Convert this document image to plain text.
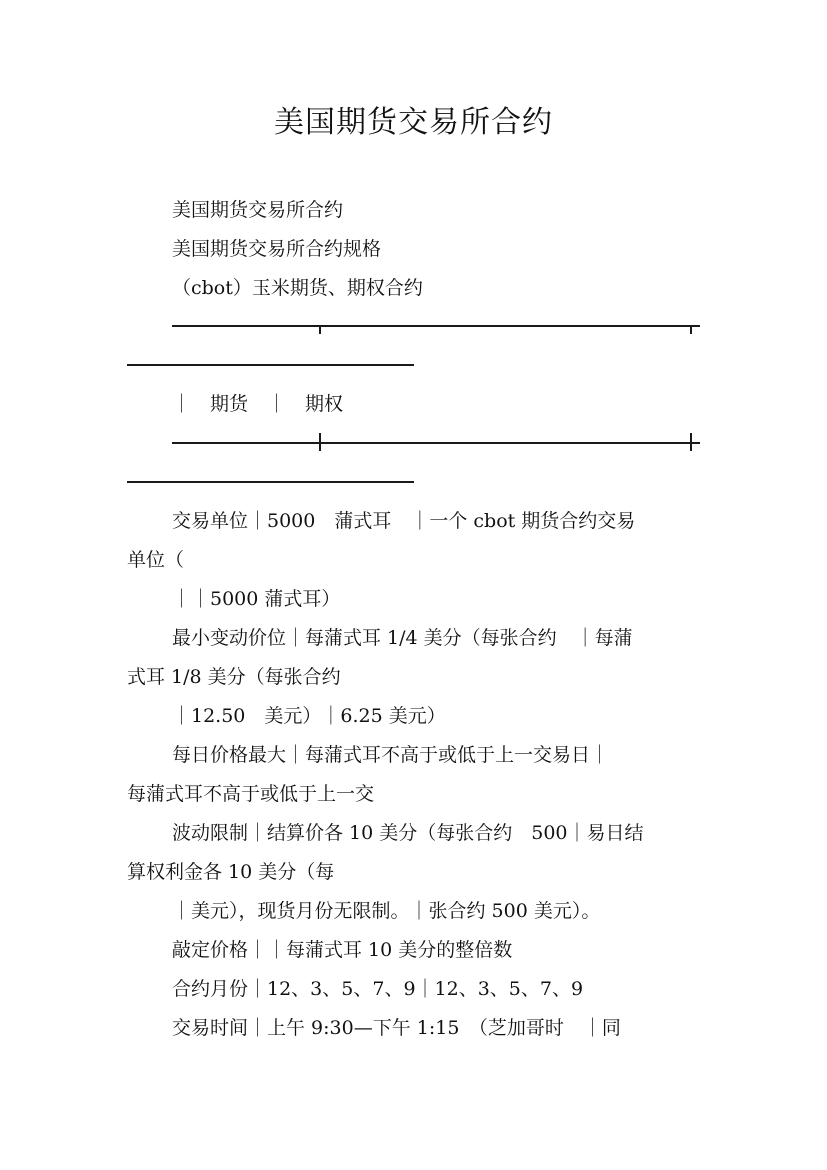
美国期货交易所合约
美国期货交易所合约
美国期货交易所合约规格
（cbot）玉米期货、期权合约
｜　期货　｜　期权
交易单位｜5000　蒲式耳　｜一个 cbot 期货合约交易
单位（
｜｜5000 蒲式耳）
最小变动价位｜每蒲式耳 1/4 美分（每张合约　｜每蒲
式耳 1/8 美分（每张合约
｜12.50　美元）｜6.25 美元）
每日价格最大｜每蒲式耳不高于或低于上一交易日｜
每蒲式耳不高于或低于上一交
波动限制｜结算价各 10 美分（每张合约　500｜易日结
算权利金各 10 美分（每
｜美元），现货月份无限制。｜张合约 500 美元）。
敲定价格｜｜每蒲式耳 10 美分的整倍数
合约月份｜12、3、5、7、9｜12、3、5、7、9
交易时间｜上午 9:30—下午 1:15　（芝加哥时　｜同
